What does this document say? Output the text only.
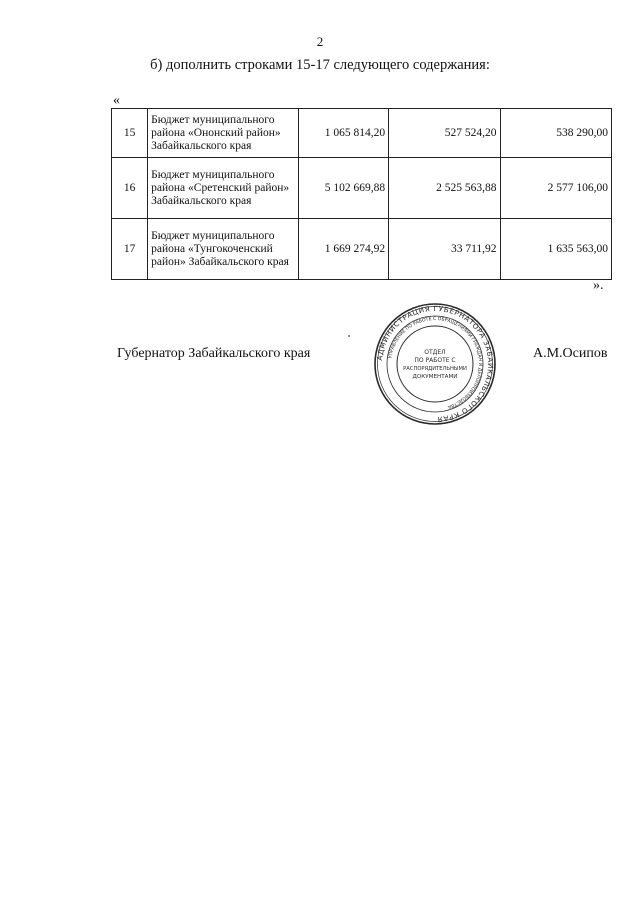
2
б) дополнить строками 15-17 следующего содержания:
«
15	Бюджет муниципального района «Ононский район» Забайкальского края	1 065 814,20	527 524,20	538 290,00
16	Бюджет муниципального района «Сретенский район» Забайкальского края	5 102 669,88	2 525 563,88	2 577 106,00
17	Бюджет муниципального района «Тунгокоченский район» Забайкальского края	1 669 274,92	33 711,92	1 635 563,00
».
Губернатор Забайкальского края	АДМИНИСТРАЦИЯ ГУБЕРНАТОРА ЗАБАЙКАЛЬСКОГО КРАЯ
УПРАВЛЕНИЕ ПО РАБОТЕ С ОБРАЩЕНИЯМИ ГРАЖДАН И ДЕЛОПРОИЗВОДСТВА
ОТДЕЛ
ПО РАБОТЕ С
РАСПОРЯДИТЕЛЬНЫМИ
ДОКУМЕНТАМИ
А.М.Осипов
